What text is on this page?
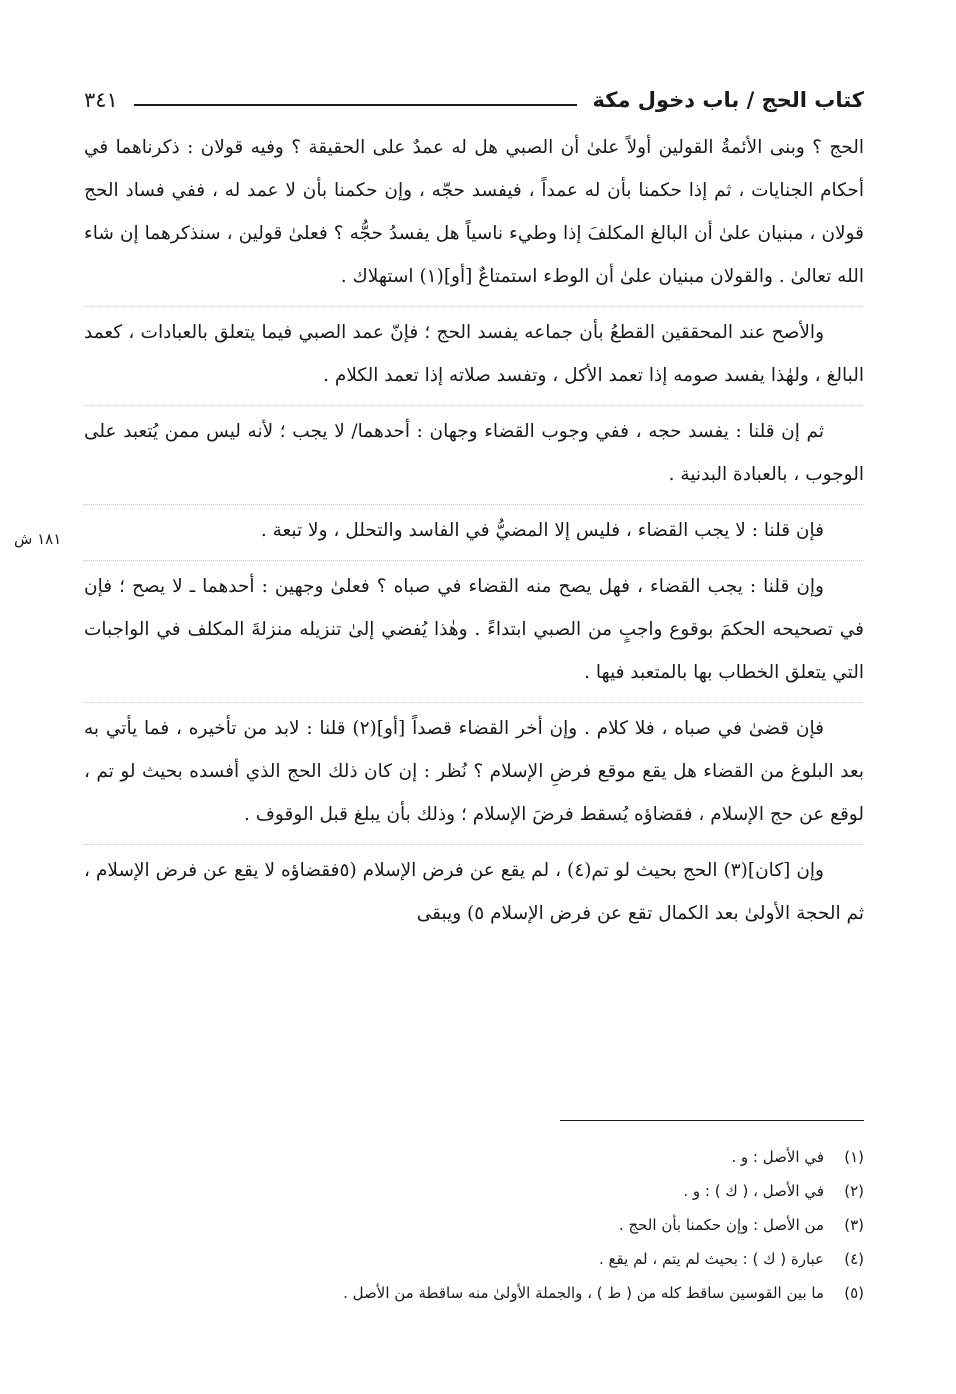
كتاب الحج / باب دخول مكة
٣٤١
١٨١ ش

الحج ؟ وبنى الأئمةُ القولين أولاً علىٰ أن الصبي هل له عمدٌ على الحقيقة ؟ وفيه قولان : ذكرناهما في أحكام الجنايات ، ثم إذا حكمنا بأن له عمداً ، فيفسد حجّه ، وإن حكمنا بأن لا عمد له ، ففي فساد الحج قولان ، مبنيان علىٰ أن البالغ المكلفَ إذا وطيء ناسياً هل يفسدُ حجُّه ؟ فعلىٰ قولين ، سنذكرهما إن شاء الله تعالىٰ . والقولان مبنيان علىٰ أن الوطء استمتاعٌ [أو](١) استهلاك .

والأصح عند المحققين القطعُ بأن جماعه يفسد الحج ؛ فإنّ عمد الصبي فيما يتعلق بالعبادات ، كعمد البالغ ، ولهٰذا يفسد صومه إذا تعمد الأكل ، وتفسد صلاته إذا تعمد الكلام .

ثم إن قلنا : يفسد حجه ، ففي وجوب القضاء وجهان : أحدهما/ لا يجب ؛ لأنه ليس ممن يُتعبد على الوجوب ، بالعبادة البدنية .

فإن قلنا : لا يجب القضاء ، فليس إلا المضيُّ في الفاسد والتحلل ، ولا تبعة .

وإن قلنا : يجب القضاء ، فهل يصح منه القضاء في صباه ؟ فعلىٰ وجهين : أحدهما ـ لا يصح ؛ فإن في تصحيحه الحكمَ بوقوع واجبٍ من الصبي ابتداءً . وهٰذا يُفضي إلىٰ تنزيله منزلةَ المكلف في الواجبات التي يتعلق الخطاب بها بالمتعبد فيها .

فإن قضىٰ في صباه ، فلا كلام . وإن أخر القضاء قصداً [أو](٢) قلنا : لابد من تأخيره ، فما يأتي به بعد البلوغ من القضاء هل يقع موقع فرضِ الإسلام ؟ نُظر : إن كان ذلك الحج الذي أفسده بحيث لو تم ، لوقع عن حج الإسلام ، فقضاؤه يُسقط فرضَ الإسلام ؛ وذلك بأن يبلغ قبل الوقوف .

وإن [كان](٣) الحج بحيث لو تم(٤) ، لم يقع عن فرض الإسلام (٥فقضاؤه لا يقع عن فرض الإسلام ، ثم الحجة الأولىٰ بعد الكمال تقع عن فرض الإسلام ٥) ويبقى

(١)
في الأصل : و .
(٢)
في الأصل ، ( ك ) : و .
(٣)
من الأصل : وإن حكمنا بأن الحج .
(٤)
عبارة ( ك ) : بحيث لم يتم ، لم يقع .
(٥)
ما بين القوسين ساقط كله من ( ط ) ، والجملة الأولىٰ منه ساقطة من الأصل .
